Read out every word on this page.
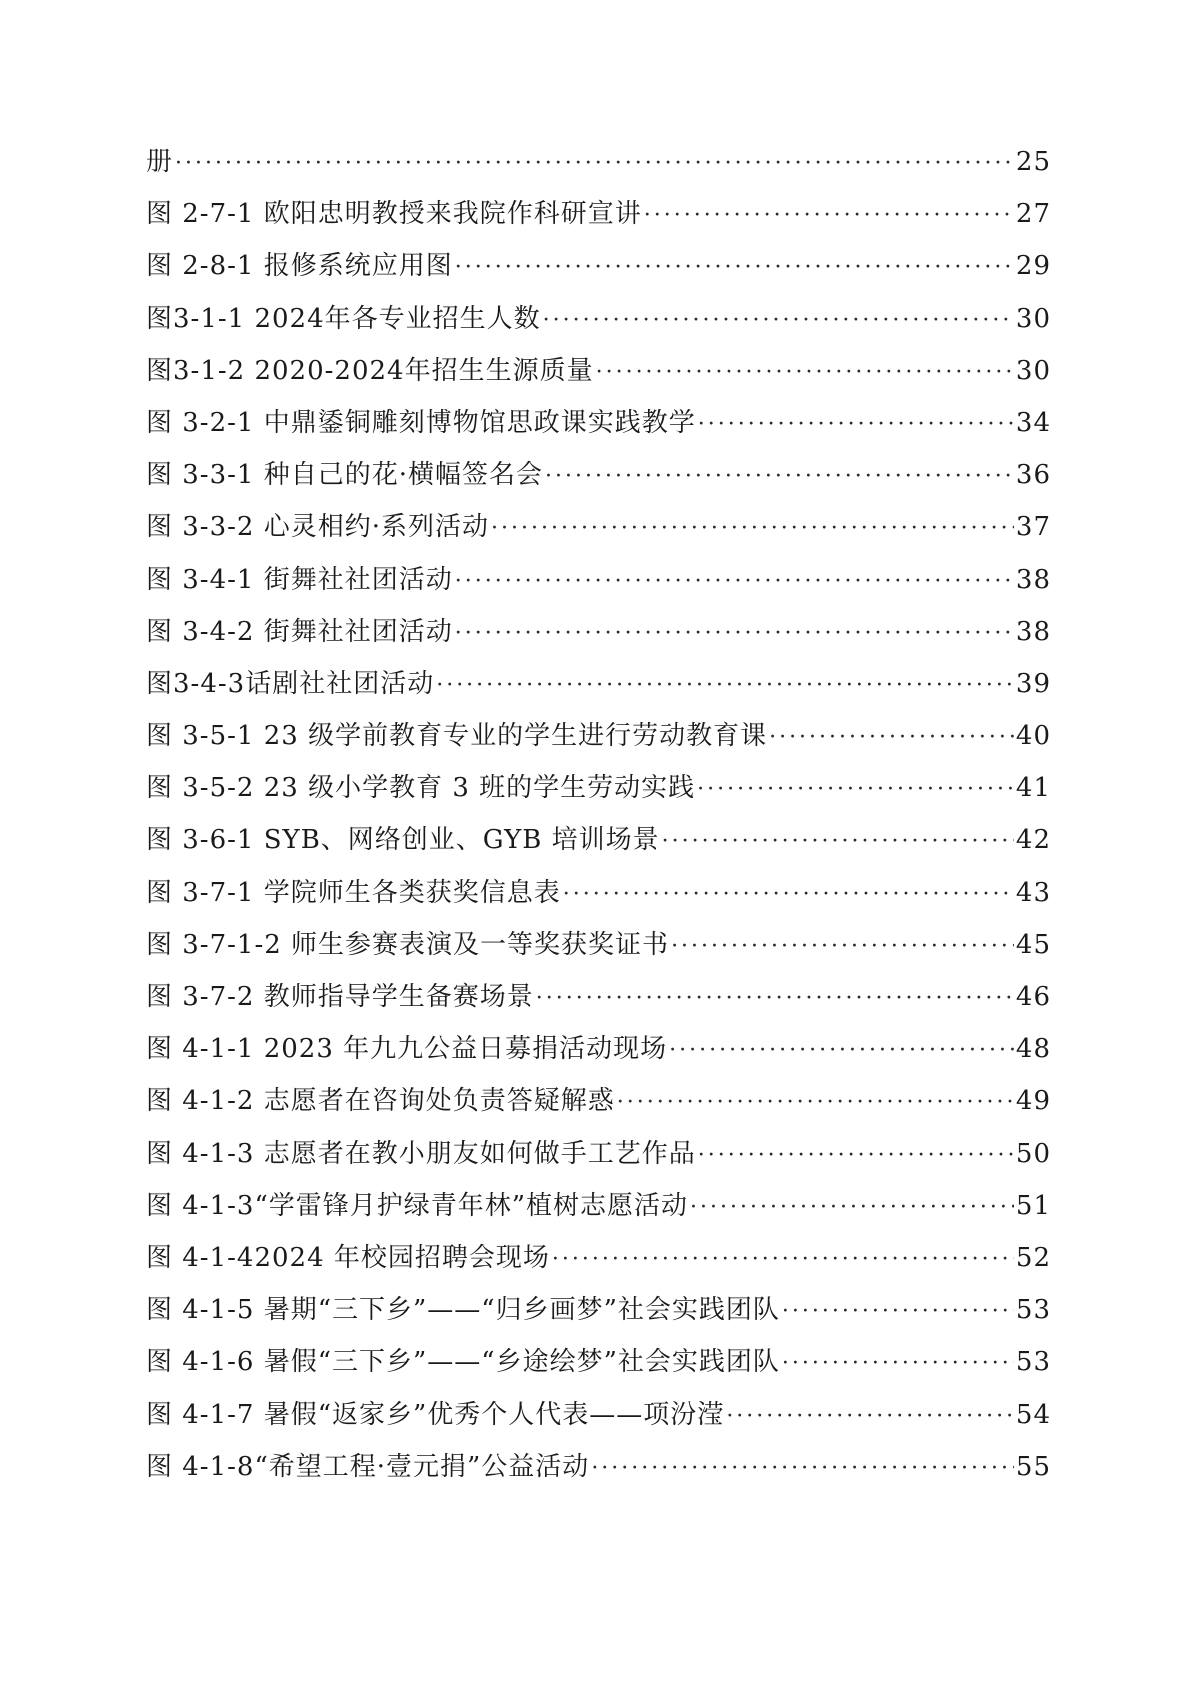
册 ·····	25
图 2-7-1 欧阳忠明教授来我院作科研宣讲 ·····	27
图 2-8-1 报修系统应用图 ·····	29
图3-1-1 2024年各专业招生人数 ·····	30
图3-1-2 2020-2024年招生生源质量 ·····	30
图 3-2-1 中鼎鋈铜雕刻博物馆思政课实践教学 ·····	34
图 3-3-1 种自己的花·横幅签名会 ·····	36
图 3-3-2 心灵相约·系列活动 ·····	37
图 3-4-1 街舞社社团活动 ·····	38
图 3-4-2 街舞社社团活动 ·····	38
图3-4-3话剧社社团活动 ·····	39
图 3-5-1 23 级学前教育专业的学生进行劳动教育课 ·····	40
图 3-5-2 23 级小学教育 3 班的学生劳动实践 ·····	41
图 3-6-1 SYB、网络创业、GYB 培训场景 ·····	42
图 3-7-1 学院师生各类获奖信息表 ·····	43
图 3-7-1-2 师生参赛表演及一等奖获奖证书 ·····	45
图 3-7-2 教师指导学生备赛场景 ·····	46
图 4-1-1 2023 年九九公益日募捐活动现场 ·····	48
图 4-1-2 志愿者在咨询处负责答疑解惑 ·····	49
图 4-1-3 志愿者在教小朋友如何做手工艺作品 ·····	50
图 4-1-3“学雷锋月护绿青年林”植树志愿活动 ·····	51
图 4-1-42024 年校园招聘会现场 ·····	52
图 4-1-5 暑期“三下乡”——“归乡画梦”社会实践团队 ·····	53
图 4-1-6 暑假“三下乡”——“乡途绘梦”社会实践团队 ·····	53
图 4-1-7 暑假“返家乡”优秀个人代表——项汾滢 ·····	54
图 4-1-8“希望工程·壹元捐”公益活动 ·····	55
